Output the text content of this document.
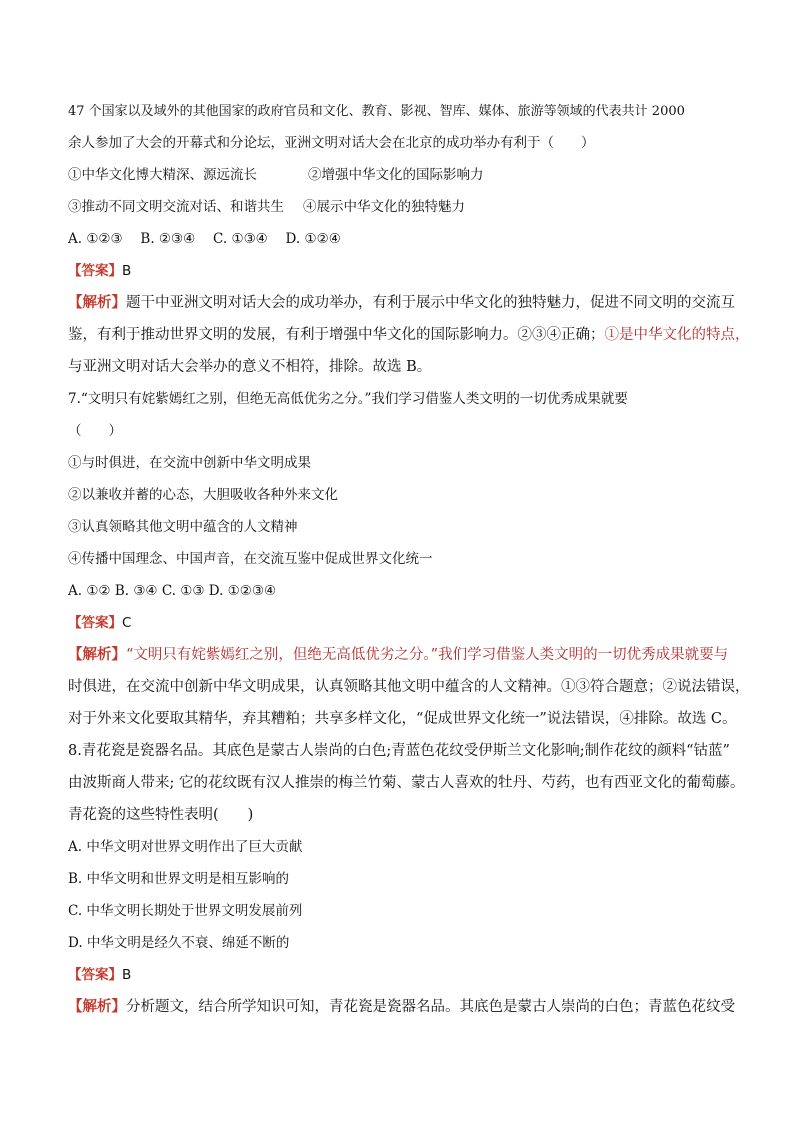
47 个国家以及域外的其他国家的政府官员和文化、教育、影视、智库、媒体、旅游等领域的代表共计 2000
余人参加了大会的开幕式和分论坛，亚洲文明对话大会在北京的成功举办有利于（　　）
①中华文化博大精深、源远流长	②增强中华文化的国际影响力
③推动不同文明交流对话、和谐共生 ④展示中华文化的独特魅力
A. ①②③　 B. ②③④　 C. ①③④　 D. ①②④
【答案】B
【解析】题干中亚洲文明对话大会的成功举办，有利于展示中华文化的独特魅力，促进不同文明的交流互
鉴，有利于推动世界文明的发展，有利于增强中华文化的国际影响力。②③④正确；①是中华文化的特点，
与亚洲文明对话大会举办的意义不相符，排除。故选 B。
7.“文明只有姹紫嫣红之别，但绝无高低优劣之分。”我们学习借鉴人类文明的一切优秀成果就要
（　　）
①与时俱进，在交流中创新中华文明成果
②以兼收并蓄的心态，大胆吸收各种外来文化
③认真领略其他文明中蕴含的人文精神
④传播中国理念、中国声音，在交流互鉴中促成世界文化统一
A. ①② B. ③④ C. ①③ D. ①②③④
【答案】C
【解析】“文明只有姹紫嫣红之别，但绝无高低优劣之分。”我们学习借鉴人类文明的一切优秀成果就要与
时俱进，在交流中创新中华文明成果，认真领略其他文明中蕴含的人文精神。①③符合题意；②说法错误，
对于外来文化要取其精华，弃其糟粕；共享多样文化，“促成世界文化统一”说法错误，④排除。故选 C。
8.青花瓷是瓷器名品。其底色是蒙古人崇尚的白色;青蓝色花纹受伊斯兰文化影响;制作花纹的颜料“钴蓝”
由波斯商人带来; 它的花纹既有汉人推崇的梅兰竹菊、蒙古人喜欢的牡丹、芍药，也有西亚文化的葡萄藤。
青花瓷的这些特性表明(　　)
A. 中华文明对世界文明作出了巨大贡献
B. 中华文明和世界文明是相互影响的
C. 中华文明长期处于世界文明发展前列
D. 中华文明是经久不衰、绵延不断的
【答案】B
【解析】分析题文，结合所学知识可知，青花瓷是瓷器名品。其底色是蒙古人崇尚的白色；青蓝色花纹受
